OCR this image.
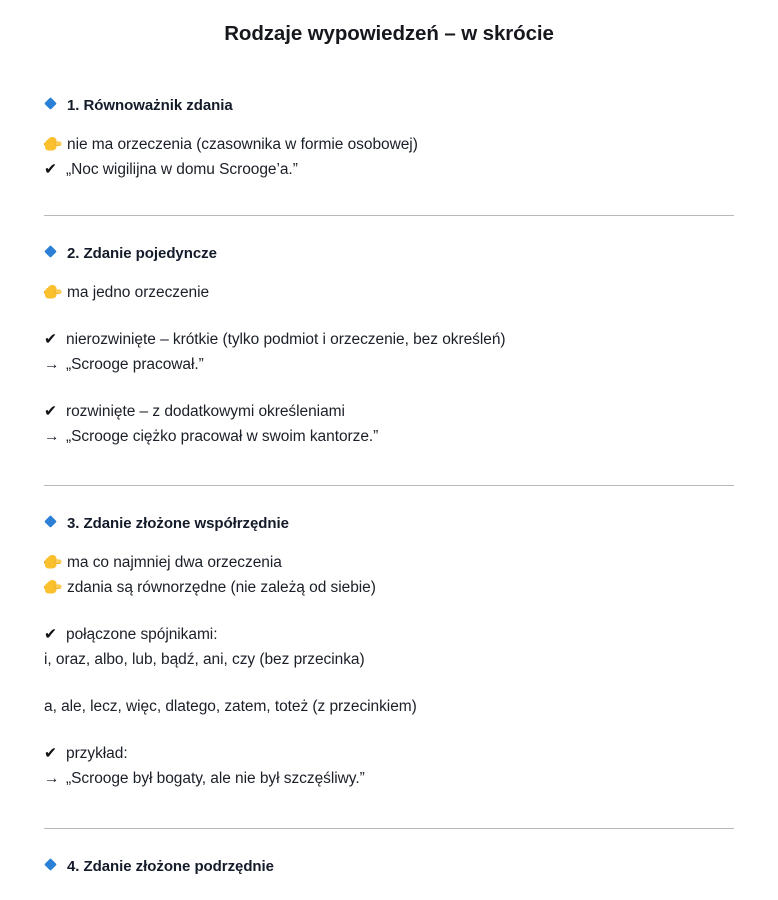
Rodzaje wypowiedzeń – w skrócie
1. Równoważnik zdania
nie ma orzeczenia (czasownika w formie osobowej)
✔ „Noc wigilijna w domu Scrooge’a.”
2. Zdanie pojedyncze
ma jedno orzeczenie
✔ nierozwinięte – krótkie (tylko podmiot i orzeczenie, bez określeń)
→ „Scrooge pracował.”
✔ rozwinięte – z dodatkowymi określeniami
→ „Scrooge ciężko pracował w swoim kantorze.”
3. Zdanie złożone współrzędnie
ma co najmniej dwa orzeczenia
zdania są równorzędne (nie zależą od siebie)
✔ połączone spójnikami:
i, oraz, albo, lub, bądź, ani, czy (bez przecinka)
a, ale, lecz, więc, dlatego, zatem, toteż (z przecinkiem)
✔ przykład:
→ „Scrooge był bogaty, ale nie był szczęśliwy.”
4. Zdanie złożone podrzędnie
